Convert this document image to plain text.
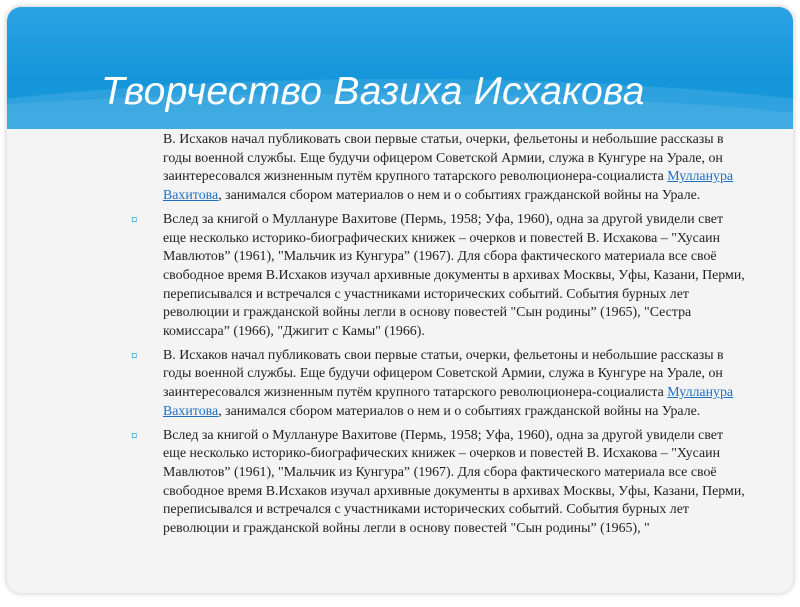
Творчество Вазиха Исхакова

В. Исхаков начал публиковать свои первые статьи, очерки, фельетоны и небольшие рассказы в годы военной службы. Еще будучи офицером Советской Армии, служа в Кунгуре на Урале, он заинтересовался жизненным путём крупного татарского революционера-социалиста Мулланура Вахитова, занимался сбором материалов о нем и о событиях гражданской войны на Урале.

¤	Вслед за книгой о Муллануре Вахитове (Пермь, 1958; Уфа, 1960), одна за другой увидели свет еще несколько историко-биографических книжек – очерков и повестей В. Исхакова – "Хусаин Мавлютов” (1961), "Мальчик из Кунгура” (1967). Для сбора фактического материала все своё свободное время В.Исхаков изучал архивные документы в архивах Москвы, Уфы, Казани, Перми, переписывался и встречался с участниками исторических событий. События бурных лет революции и гражданской войны легли в основу повестей "Сын родины” (1965), "Сестра комиссара” (1966), "Джигит с Камы" (1966).

¤	В. Исхаков начал публиковать свои первые статьи, очерки, фельетоны и небольшие рассказы в годы военной службы. Еще будучи офицером Советской Армии, служа в Кунгуре на Урале, он заинтересовался жизненным путём крупного татарского революционера-социалиста Мулланура Вахитова, занимался сбором материалов о нем и о событиях гражданской войны на Урале.

¤	Вслед за книгой о Муллануре Вахитове (Пермь, 1958; Уфа, 1960), одна за другой увидели свет еще несколько историко-биографических книжек – очерков и повестей В. Исхакова – "Хусаин Мавлютов” (1961), "Мальчик из Кунгура” (1967). Для сбора фактического материала все своё свободное время В.Исхаков изучал архивные документы в архивах Москвы, Уфы, Казани, Перми, переписывался и встречался с участниками исторических событий. События бурных лет революции и гражданской войны легли в основу повестей "Сын родины” (1965), "
